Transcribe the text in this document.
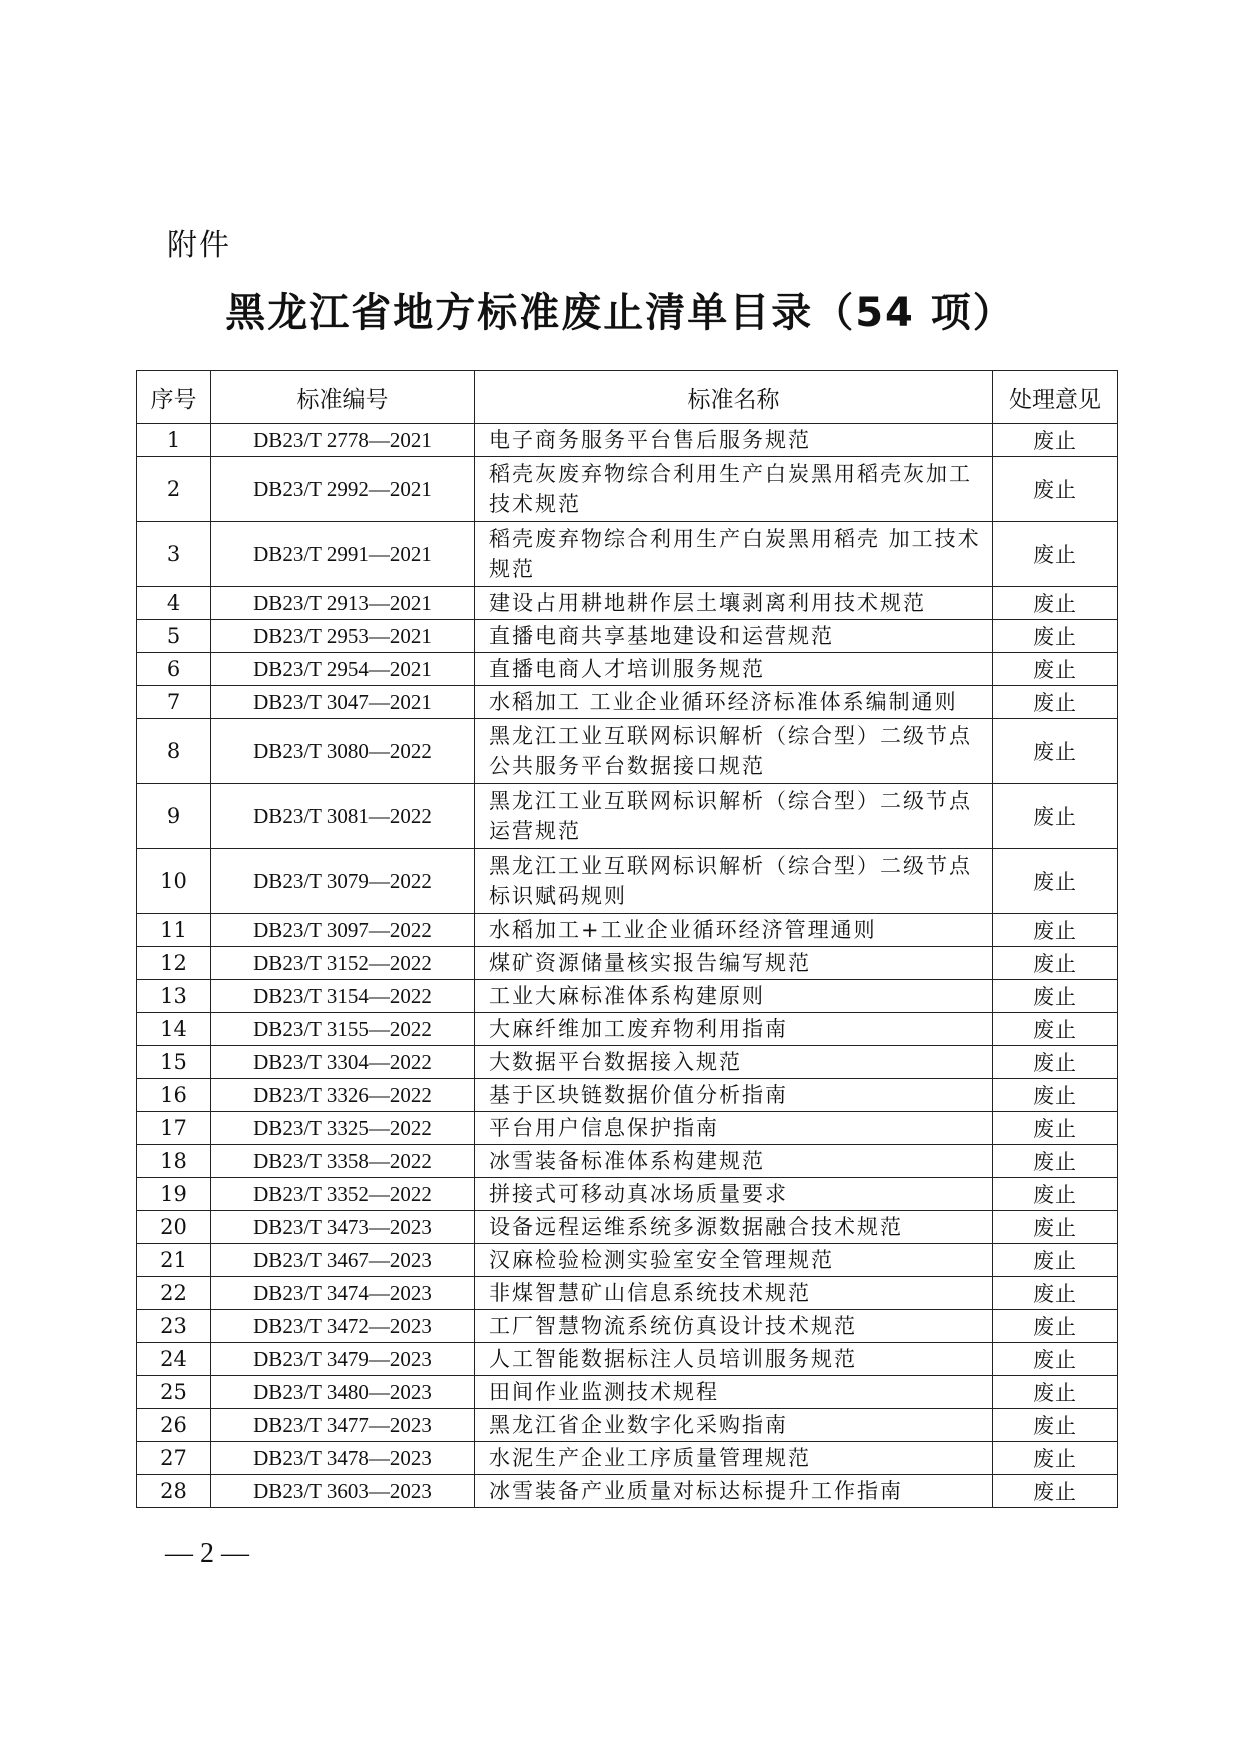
附件
黑龙江省地方标准废止清单目录（54 项）
序号	标准编号	标准名称	处理意见
1	DB23/T 2778—2021	电子商务服务平台售后服务规范	废止
2	DB23/T 2992—2021	稻壳灰废弃物综合利用生产白炭黑用稻壳灰加工技术规范	废止
3	DB23/T 2991—2021	稻壳废弃物综合利用生产白炭黑用稻壳 加工技术规范	废止
4	DB23/T 2913—2021	建设占用耕地耕作层土壤剥离利用技术规范	废止
5	DB23/T 2953—2021	直播电商共享基地建设和运营规范	废止
6	DB23/T 2954—2021	直播电商人才培训服务规范	废止
7	DB23/T 3047—2021	水稻加工 工业企业循环经济标准体系编制通则	废止
8	DB23/T 3080—2022	黑龙江工业互联网标识解析（综合型）二级节点公共服务平台数据接口规范	废止
9	DB23/T 3081—2022	黑龙江工业互联网标识解析（综合型）二级节点运营规范	废止
10	DB23/T 3079—2022	黑龙江工业互联网标识解析（综合型）二级节点标识赋码规则	废止
11	DB23/T 3097—2022	水稻加工+工业企业循环经济管理通则	废止
12	DB23/T 3152—2022	煤矿资源储量核实报告编写规范	废止
13	DB23/T 3154—2022	工业大麻标准体系构建原则	废止
14	DB23/T 3155—2022	大麻纤维加工废弃物利用指南	废止
15	DB23/T 3304—2022	大数据平台数据接入规范	废止
16	DB23/T 3326—2022	基于区块链数据价值分析指南	废止
17	DB23/T 3325—2022	平台用户信息保护指南	废止
18	DB23/T 3358—2022	冰雪装备标准体系构建规范	废止
19	DB23/T 3352—2022	拼接式可移动真冰场质量要求	废止
20	DB23/T 3473—2023	设备远程运维系统多源数据融合技术规范	废止
21	DB23/T 3467—2023	汉麻检验检测实验室安全管理规范	废止
22	DB23/T 3474—2023	非煤智慧矿山信息系统技术规范	废止
23	DB23/T 3472—2023	工厂智慧物流系统仿真设计技术规范	废止
24	DB23/T 3479—2023	人工智能数据标注人员培训服务规范	废止
25	DB23/T 3480—2023	田间作业监测技术规程	废止
26	DB23/T 3477—2023	黑龙江省企业数字化采购指南	废止
27	DB23/T 3478—2023	水泥生产企业工序质量管理规范	废止
28	DB23/T 3603—2023	冰雪装备产业质量对标达标提升工作指南	废止
— 2 —
